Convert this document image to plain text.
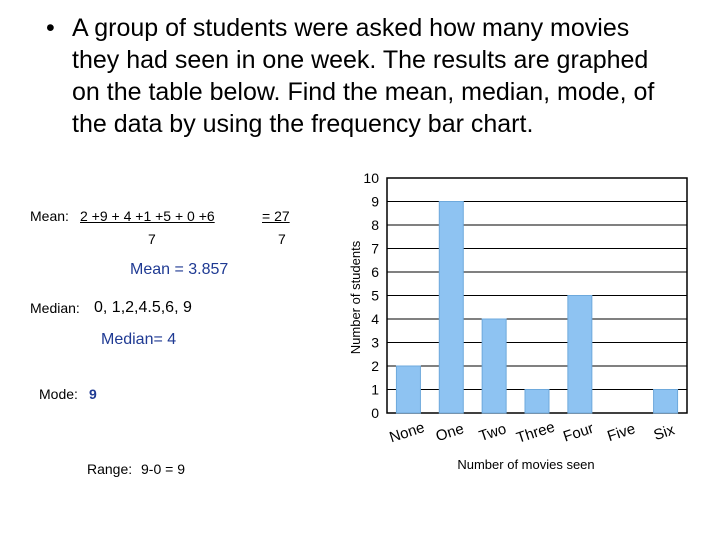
• A group of students were asked how many movies they had seen in one week. The results are graphed on the table below. Find the mean, median, mode, of the data by using the frequency bar chart.
Mean: 2 +9 + 4 +1 +5 + 0 +6
7
= 27
7
Mean = 3.857
Median: 0, 1,2,4.5,6, 9
Median= 4
Mode: 9
Range: 9-0 = 9
0
1
2
3
4
5
6
7
8
9
10
None One Two Three Four Five Six
Number of movies seen
Number of students
